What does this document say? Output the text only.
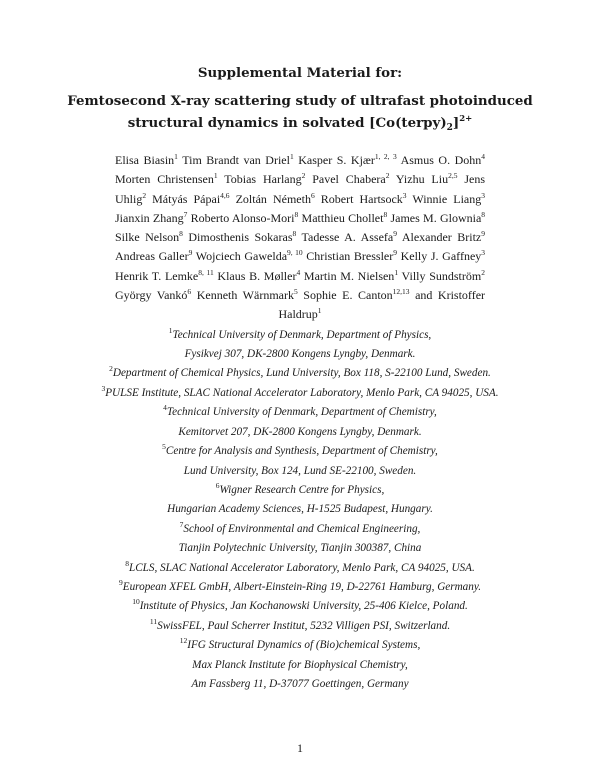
Supplemental Material for:
Femtosecond X-ray scattering study of ultrafast photoinduced
structural dynamics in solvated $[Co(terpy)_2]^{2+}$
Elisa Biasin$^1$ Tim Brandt van Driel$^1$ Kasper S. Kjær$^{1, 2, 3}$ Asmus O. Dohn$^4$ Morten Christensen$^1$ Tobias Harlang$^2$ Pavel Chabera$^2$ Yizhu Liu$^{2,5}$ Jens Uhlig$^2$ Mátyás Pápai$^{4,6}$ Zoltán Németh$^6$ Robert Hartsock$^3$ Winnie Liang$^3$ Jianxin Zhang$^7$ Roberto Alonso-Mori$^8$ Matthieu Chollet$^8$ James M. Glownia$^8$ Silke Nelson$^8$ Dimosthenis Sokaras$^8$ Tadesse A. Assefa$^9$ Alexander Britz$^9$ Andreas Galler$^9$ Wojciech Gawelda$^{9, 10}$ Christian Bressler$^9$ Kelly J. Gaffney$^3$ Henrik T. Lemke$^{8, 11}$ Klaus B. Møller$^4$ Martin M. Nielsen$^1$ Villy Sundström$^2$ György Vankó$^6$ Kenneth Wärnmark$^5$ Sophie E. Canton$^{12,13}$ and Kristoffer Haldrup$^1$
$^1$Technical University of Denmark, Department of Physics,
Fysikvej 307, DK-2800 Kongens Lyngby, Denmark.
$^2$Department of Chemical Physics, Lund University, Box 118, S-22100 Lund, Sweden.
$^3$PULSE Institute, SLAC National Accelerator Laboratory, Menlo Park, CA 94025, USA.
$^4$Technical University of Denmark, Department of Chemistry,
Kemitorvet 207, DK-2800 Kongens Lyngby, Denmark.
$^5$Centre for Analysis and Synthesis, Department of Chemistry,
Lund University, Box 124, Lund SE-22100, Sweden.
$^6$Wigner Research Centre for Physics,
Hungarian Academy Sciences, H-1525 Budapest, Hungary.
$^7$School of Environmental and Chemical Engineering,
Tianjin Polytechnic University, Tianjin 300387, China
$^8$LCLS, SLAC National Accelerator Laboratory, Menlo Park, CA 94025, USA.
$^9$European XFEL GmbH, Albert-Einstein-Ring 19, D-22761 Hamburg, Germany.
$^{10}$Institute of Physics, Jan Kochanowski University, 25-406 Kielce, Poland.
$^{11}$SwissFEL, Paul Scherrer Institut, 5232 Villigen PSI, Switzerland.
$^{12}$IFG Structural Dynamics of (Bio)chemical Systems,
Max Planck Institute for Biophysical Chemistry,
Am Fassberg 11, D-37077 Goettingen, Germany
1
